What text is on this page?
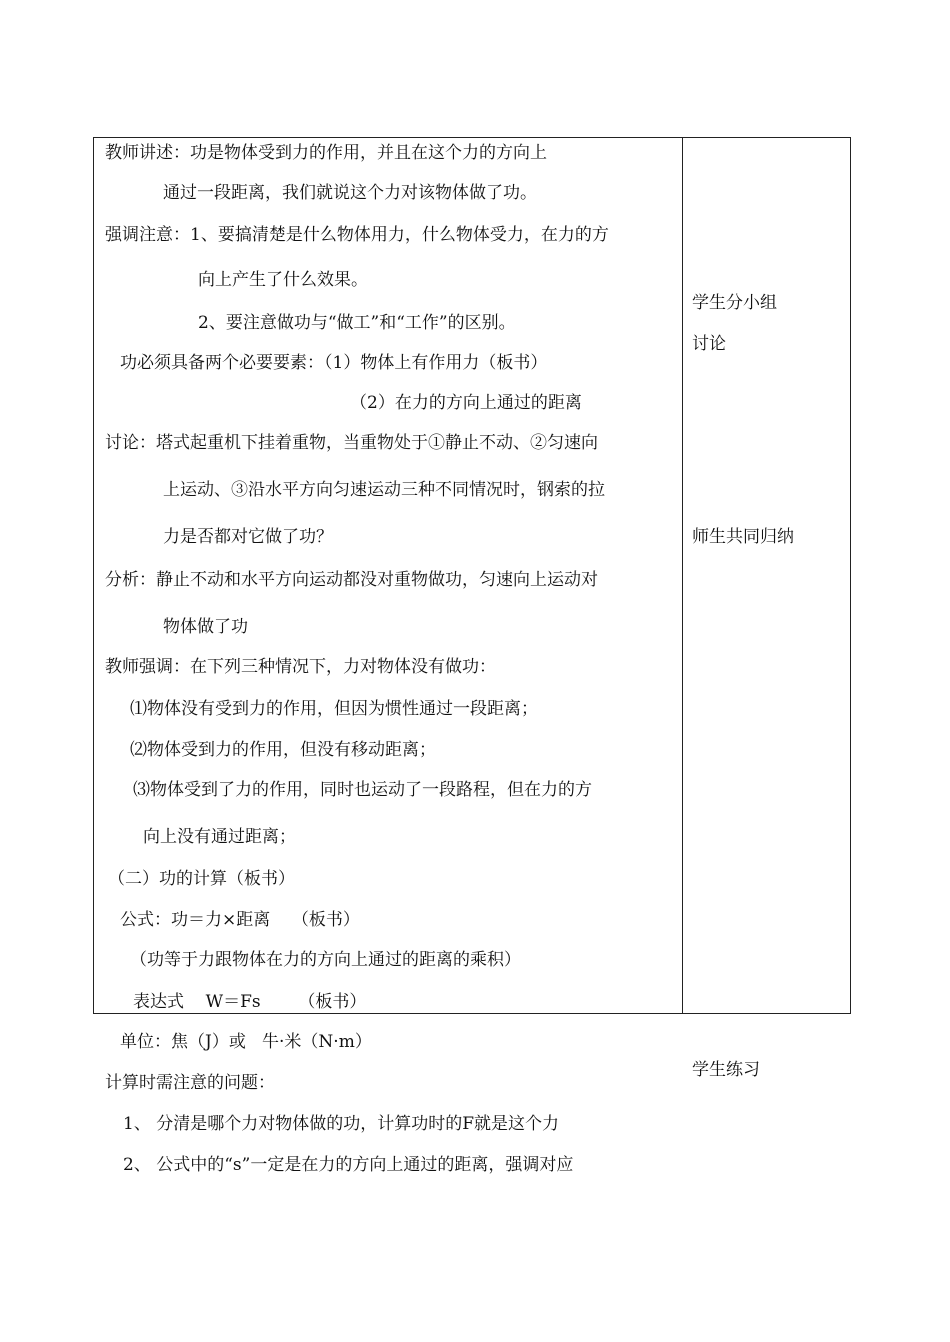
教师讲述：功是物体受到力的作用，并且在这个力的方向上
通过一段距离，我们就说这个力对该物体做了功。
强调注意：1、要搞清楚是什么物体用力，什么物体受力，在力的方
向上产生了什么效果。
2、要注意做功与“做工”和“工作”的区别。
功必须具备两个必要要素：（1）物体上有作用力（板书）
（2）在力的方向上通过的距离
讨论：塔式起重机下挂着重物，当重物处于①静止不动、②匀速向
上运动、③沿水平方向匀速运动三种不同情况时，钢索的拉
力是否都对它做了功？
分析：静止不动和水平方向运动都没对重物做功，匀速向上运动对
物体做了功
教师强调：在下列三种情况下，力对物体没有做功：
⑴物体没有受到力的作用，但因为惯性通过一段距离；
⑵物体受到力的作用，但没有移动距离；
⑶物体受到了力的作用，同时也运动了一段路程，但在力的方
向上没有通过距离；
（二）功的计算（板书）
公式：功＝力×距离    （板书）
（功等于力跟物体在力的方向上通过的距离的乘积）
表达式    W＝Fs       （板书）
单位：焦（J）或   牛·米（N·m）
计算时需注意的问题：
1、 分清是哪个力对物体做的功，计算功时的F就是这个力
2、 公式中的“s”一定是在力的方向上通过的距离，强调对应
学生分小组
讨论
师生共同归纳
学生练习
